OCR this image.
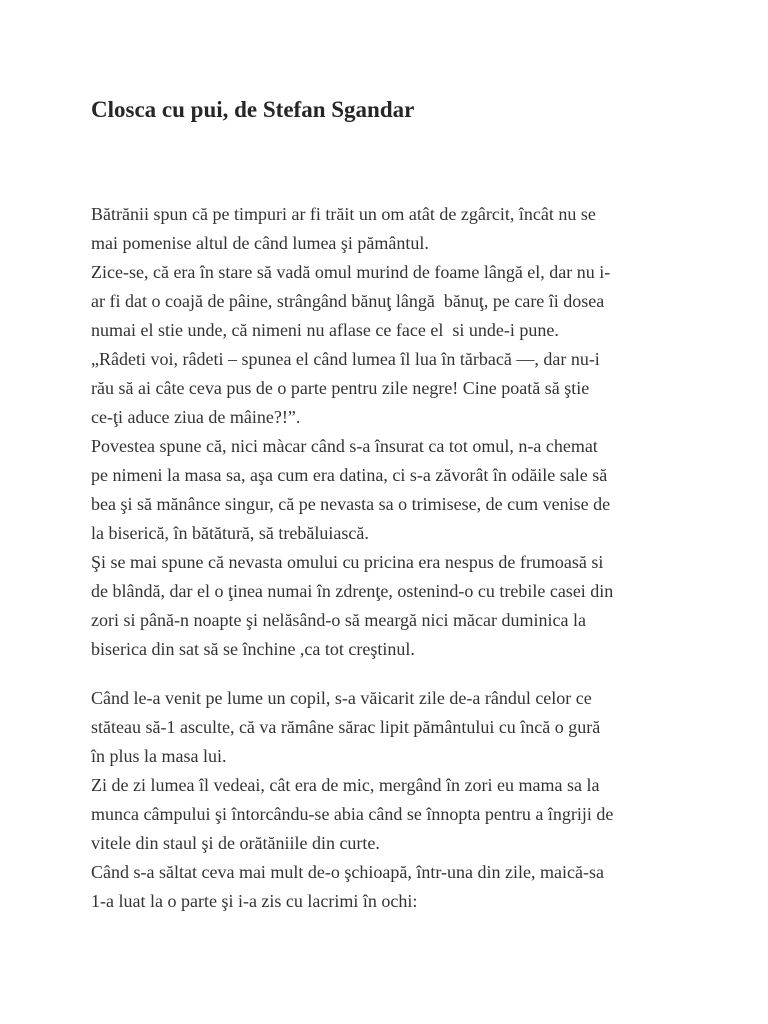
Closca cu pui, de Stefan Sgandar
Bătrănii spun că pe timpuri ar fi trăit un om atât de zgârcit, încât nu se
mai pomenise altul de când lumea şi pământul.
Zice-se, că era în stare să vadă omul murind de foame lângă el, dar nu i-
ar fi dat o coajă de pâine, strângând bănuţ lângă  bănuţ, pe care îi dosea
numai el stie unde, că nimeni nu aflase ce face el  si unde-i pune.
„Râdeti voi, râdeti – spunea el când lumea îl lua în tărbacă —, dar nu-i
rău să ai câte ceva pus de o parte pentru zile negre! Cine poată să ştie
ce-ţi aduce ziua de mâine?!”.
Povestea spune că, nici màcar când s-a însurat ca tot omul, n-a chemat
pe nimeni la masa sa, aşa cum era datina, ci s-a zăvorât în odăile sale să
bea şi să mănânce singur, că pe nevasta sa o trimisese, de cum venise de
la biserică, în bătătură, să trebăluiască.
Şi se mai spune că nevasta omului cu pricina era nespus de frumoasă si
de blândă, dar el o ţinea numai în zdrenţe, ostenind-o cu trebile casei din
zori si până-n noapte şi nelăsând-o să meargă nici măcar duminica la
biserica din sat să se închine ,ca tot creştinul.
Când le-a venit pe lume un copil, s-a văicarit zile de-a rândul celor ce
stăteau să-1 asculte, că va rămâne sărac lipit pământului cu încă o gură
în plus la masa lui.
Zi de zi lumea îl vedeai, cât era de mic, mergând în zori eu mama sa la
munca câmpului şi întorcându-se abia când se înnopta pentru a îngriji de
vitele din staul şi de orătăniile din curte.
Când s-a săltat ceva mai mult de-o şchioapă, într-una din zile, maică-sa
1-a luat la o parte şi i-a zis cu lacrimi în ochi:
